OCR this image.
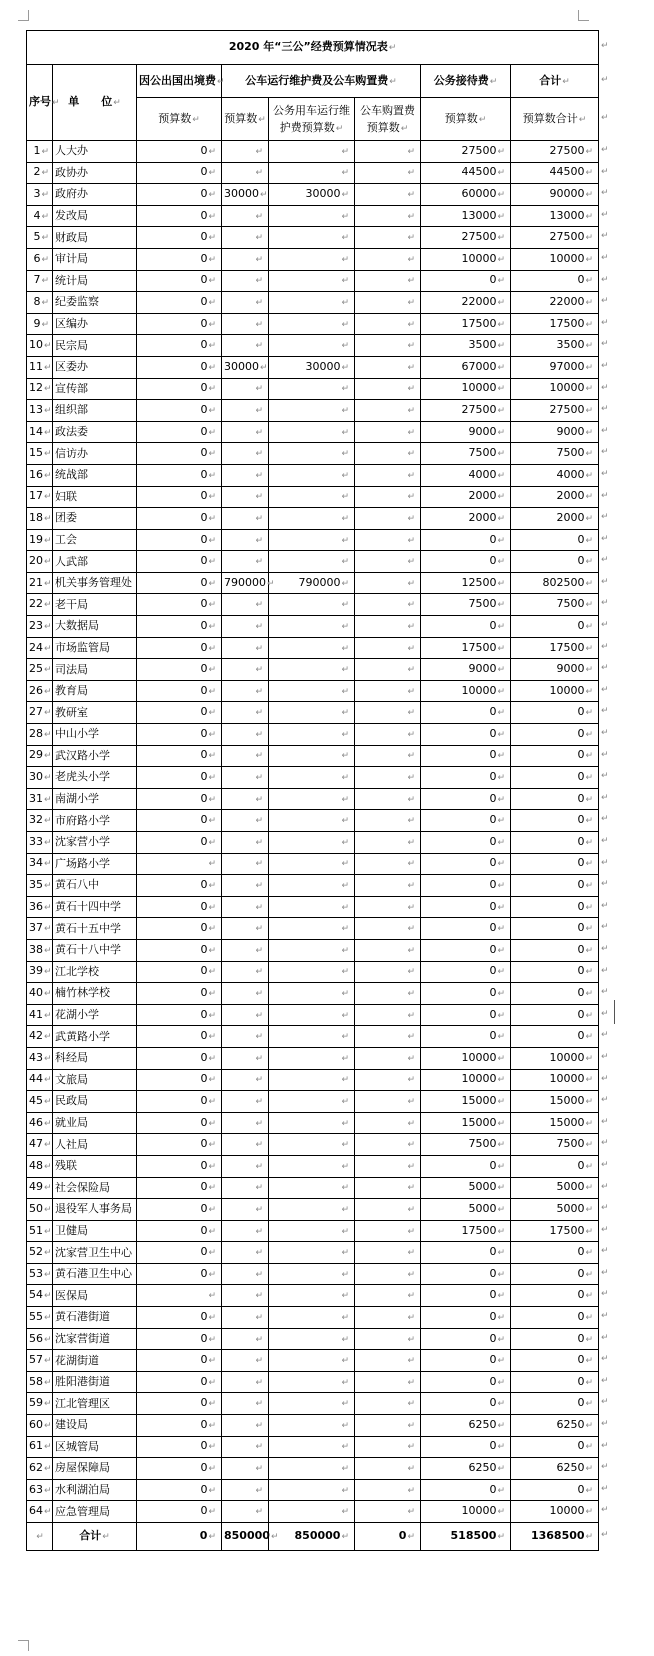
2020 年“三公”经费预算情况表↵							
序号↵	单　　位↵	因公出国出境费↵	公车运行维护费及公车购置费↵			公务接待费↵	合计↵
		预算数↵	预算数↵	公务用车运行维护费预算数↵	公车购置费预算数↵	预算数↵	预算数合计↵
1↵	人大办	0↵	↵	↵	↵	27500↵	27500↵
2↵	政协办	0↵	↵	↵	↵	44500↵	44500↵
3↵	政府办	0↵	30000↵	30000↵	↵	60000↵	90000↵
4↵	发改局	0↵	↵	↵	↵	13000↵	13000↵
5↵	财政局	0↵	↵	↵	↵	27500↵	27500↵
6↵	审计局	0↵	↵	↵	↵	10000↵	10000↵
7↵	统计局	0↵	↵	↵	↵	0↵	0↵
8↵	纪委监察	0↵	↵	↵	↵	22000↵	22000↵
9↵	区编办	0↵	↵	↵	↵	17500↵	17500↵
10↵	民宗局	0↵	↵	↵	↵	3500↵	3500↵
11↵	区委办	0↵	30000↵	30000↵	↵	67000↵	97000↵
12↵	宣传部	0↵	↵	↵	↵	10000↵	10000↵
13↵	组织部	0↵	↵	↵	↵	27500↵	27500↵
14↵	政法委	0↵	↵	↵	↵	9000↵	9000↵
15↵	信访办	0↵	↵	↵	↵	7500↵	7500↵
16↵	统战部	0↵	↵	↵	↵	4000↵	4000↵
17↵	妇联	0↵	↵	↵	↵	2000↵	2000↵
18↵	团委	0↵	↵	↵	↵	2000↵	2000↵
19↵	工会	0↵	↵	↵	↵	0↵	0↵
20↵	人武部	0↵	↵	↵	↵	0↵	0↵
21↵	机关事务管理处	0↵	790000↵	790000↵	↵	12500↵	802500↵
22↵	老干局	0↵	↵	↵	↵	7500↵	7500↵
23↵	大数据局	0↵	↵	↵	↵	0↵	0↵
24↵	市场监管局	0↵	↵	↵	↵	17500↵	17500↵
25↵	司法局	0↵	↵	↵	↵	9000↵	9000↵
26↵	教育局	0↵	↵	↵	↵	10000↵	10000↵
27↵	教研室	0↵	↵	↵	↵	0↵	0↵
28↵	中山小学	0↵	↵	↵	↵	0↵	0↵
29↵	武汉路小学	0↵	↵	↵	↵	0↵	0↵
30↵	老虎头小学	0↵	↵	↵	↵	0↵	0↵
31↵	南湖小学	0↵	↵	↵	↵	0↵	0↵
32↵	市府路小学	0↵	↵	↵	↵	0↵	0↵
33↵	沈家营小学	0↵	↵	↵	↵	0↵	0↵
34↵	广场路小学	↵	↵	↵	↵	0↵	0↵
35↵	黄石八中	0↵	↵	↵	↵	0↵	0↵
36↵	黄石十四中学	0↵	↵	↵	↵	0↵	0↵
37↵	黄石十五中学	0↵	↵	↵	↵	0↵	0↵
38↵	黄石十八中学	0↵	↵	↵	↵	0↵	0↵
39↵	江北学校	0↵	↵	↵	↵	0↵	0↵
40↵	楠竹林学校	0↵	↵	↵	↵	0↵	0↵
41↵	花湖小学	0↵	↵	↵	↵	0↵	0↵
42↵	武黄路小学	0↵	↵	↵	↵	0↵	0↵
43↵	科经局	0↵	↵	↵	↵	10000↵	10000↵
44↵	文旅局	0↵	↵	↵	↵	10000↵	10000↵
45↵	民政局	0↵	↵	↵	↵	15000↵	15000↵
46↵	就业局	0↵	↵	↵	↵	15000↵	15000↵
47↵	人社局	0↵	↵	↵	↵	7500↵	7500↵
48↵	残联	0↵	↵	↵	↵	0↵	0↵
49↵	社会保险局	0↵	↵	↵	↵	5000↵	5000↵
50↵	退役军人事务局	0↵	↵	↵	↵	5000↵	5000↵
51↵	卫健局	0↵	↵	↵	↵	17500↵	17500↵
52↵	沈家营卫生中心	0↵	↵	↵	↵	0↵	0↵
53↵	黄石港卫生中心	0↵	↵	↵	↵	0↵	0↵
54↵	医保局	↵	↵	↵	↵	0↵	0↵
55↵	黄石港街道	0↵	↵	↵	↵	0↵	0↵
56↵	沈家营街道	0↵	↵	↵	↵	0↵	0↵
57↵	花湖街道	0↵	↵	↵	↵	0↵	0↵
58↵	胜阳港街道	0↵	↵	↵	↵	0↵	0↵
59↵	江北管理区	0↵	↵	↵	↵	0↵	0↵
60↵	建设局	0↵	↵	↵	↵	6250↵	6250↵
61↵	区城管局	0↵	↵	↵	↵	0↵	0↵
62↵	房屋保障局	0↵	↵	↵	↵	6250↵	6250↵
63↵	水利湖泊局	0↵	↵	↵	↵	0↵	0↵
64↵	应急管理局	0↵	↵	↵	↵	10000↵	10000↵
↵	合计↵	0↵	850000↵	850000↵	0↵	518500↵	1368500↵
↵
↵
↵
↵
↵
↵
↵
↵
↵
↵
↵
↵
↵
↵
↵
↵
↵
↵
↵
↵
↵
↵
↵
↵
↵
↵
↵
↵
↵
↵
↵
↵
↵
↵
↵
↵
↵
↵
↵
↵
↵
↵
↵
↵
↵
↵
↵
↵
↵
↵
↵
↵
↵
↵
↵
↵
↵
↵
↵
↵
↵
↵
↵
↵
↵
↵
↵
↵
